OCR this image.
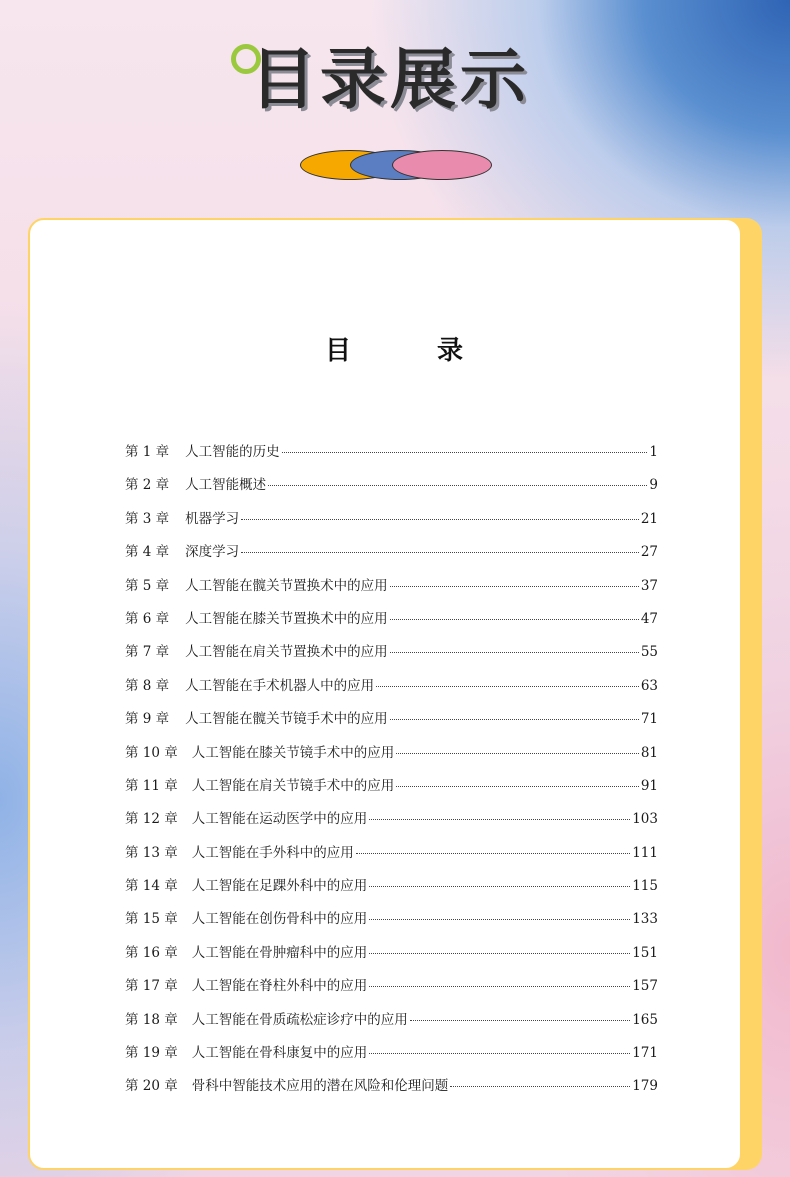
目录展示
目　录
第 1 章 人工智能的历史	1
第 2 章 人工智能概述	9
第 3 章 机器学习	21
第 4 章 深度学习	27
第 5 章 人工智能在髋关节置换术中的应用	37
第 6 章 人工智能在膝关节置换术中的应用	47
第 7 章 人工智能在肩关节置换术中的应用	55
第 8 章 人工智能在手术机器人中的应用	63
第 9 章 人工智能在髋关节镜手术中的应用	71
第 10 章 人工智能在膝关节镜手术中的应用	81
第 11 章 人工智能在肩关节镜手术中的应用	91
第 12 章 人工智能在运动医学中的应用	103
第 13 章 人工智能在手外科中的应用	111
第 14 章 人工智能在足踝外科中的应用	115
第 15 章 人工智能在创伤骨科中的应用	133
第 16 章 人工智能在骨肿瘤科中的应用	151
第 17 章 人工智能在脊柱外科中的应用	157
第 18 章 人工智能在骨质疏松症诊疗中的应用	165
第 19 章 人工智能在骨科康复中的应用	171
第 20 章 骨科中智能技术应用的潜在风险和伦理问题	179
